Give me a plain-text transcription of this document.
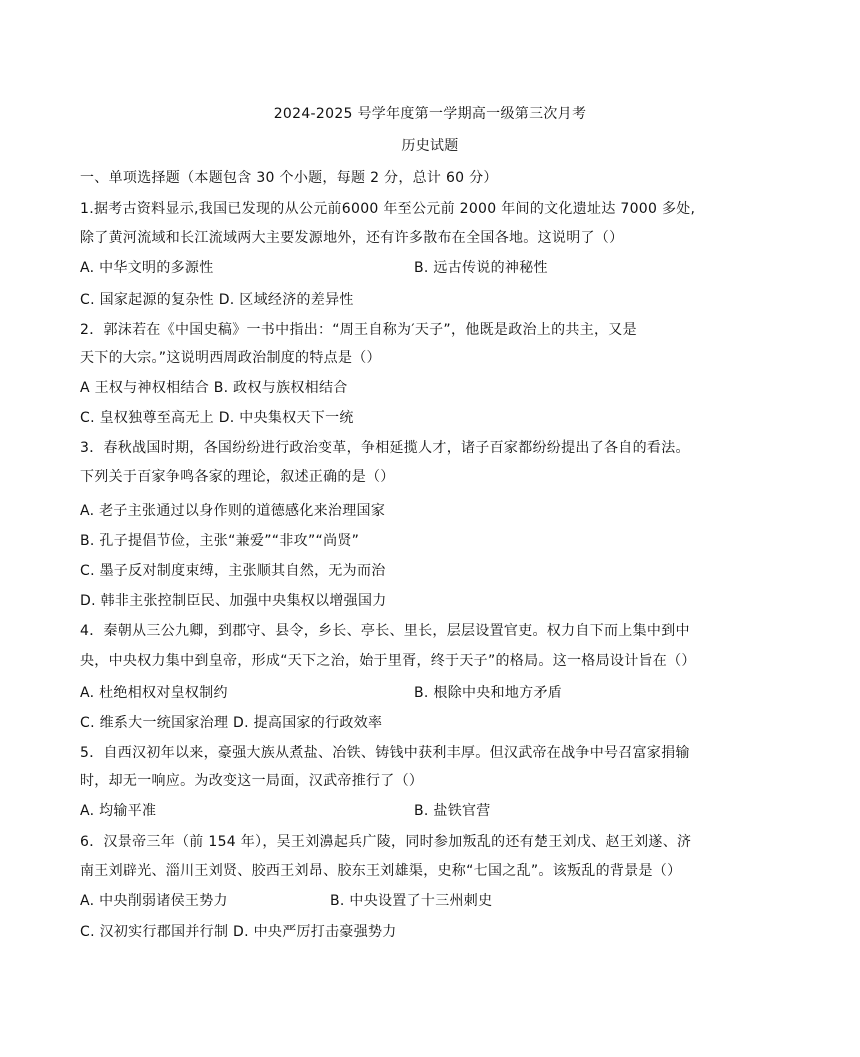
2024-2025 号学年度第一学期高一级第三次月考
历史试题
一、单项选择题（本题包含 30 个小题，每题 2 分，总计 60 分）
1.据考古资料显示,我国已发现的从公元前6000 年至公元前 2000 年间的文化遗址达 7000 多处,
除了黄河流域和长江流域两大主要发源地外，还有许多散布在全国各地。这说明了（）
A. 中华文明的多源性	B. 远古传说的神秘性
C. 国家起源的复杂性 D. 区域经济的差异性
2．郭沫若在《中国史稿》一书中指出：“周王自称为′天子”，他既是政治上的共主，又是
天下的大宗。”这说明西周政治制度的特点是（）
A 王权与神权相结合 B. 政权与族权相结合
C. 皇权独尊至高无上 D. 中央集权天下一统
3．春秋战国时期，各国纷纷进行政治变革，争相延揽人才，诸子百家都纷纷提出了各自的看法。
下列关于百家争鸣各家的理论，叙述正确的是（）
A. 老子主张通过以身作则的道德感化来治理国家
B. 孔子提倡节俭，主张“兼爱”“非攻”“尚贤”
C. 墨子反对制度束缚，主张顺其自然，无为而治
D. 韩非主张控制臣民、加强中央集权以增强国力
4．秦朝从三公九卿，到郡守、县令，乡长、亭长、里长，层层设置官吏。权力自下而上集中到中
央，中央权力集中到皇帝，形成“天下之治，始于里胥，终于天子”的格局。这一格局设计旨在（）
A. 杜绝相权对皇权制约	B. 根除中央和地方矛盾
C. 维系大一统国家治理 D. 提高国家的行政效率
5．自西汉初年以来，豪强大族从煮盐、冶铁、铸钱中获利丰厚。但汉武帝在战争中号召富家捐输
时，却无一响应。为改变这一局面，汉武帝推行了（）
A. 均输平准	B. 盐铁官营
6．汉景帝三年（前 154 年），吴王刘濞起兵广陵，同时参加叛乱的还有楚王刘戊、赵王刘遂、济
南王刘辟光、淄川王刘贤、胶西王刘昂、胶东王刘雄渠，史称“七国之乱”。该叛乱的背景是（）
A. 中央削弱诸侯王势力	B. 中央设置了十三州刺史
C. 汉初实行郡国并行制 D. 中央严厉打击豪强势力
